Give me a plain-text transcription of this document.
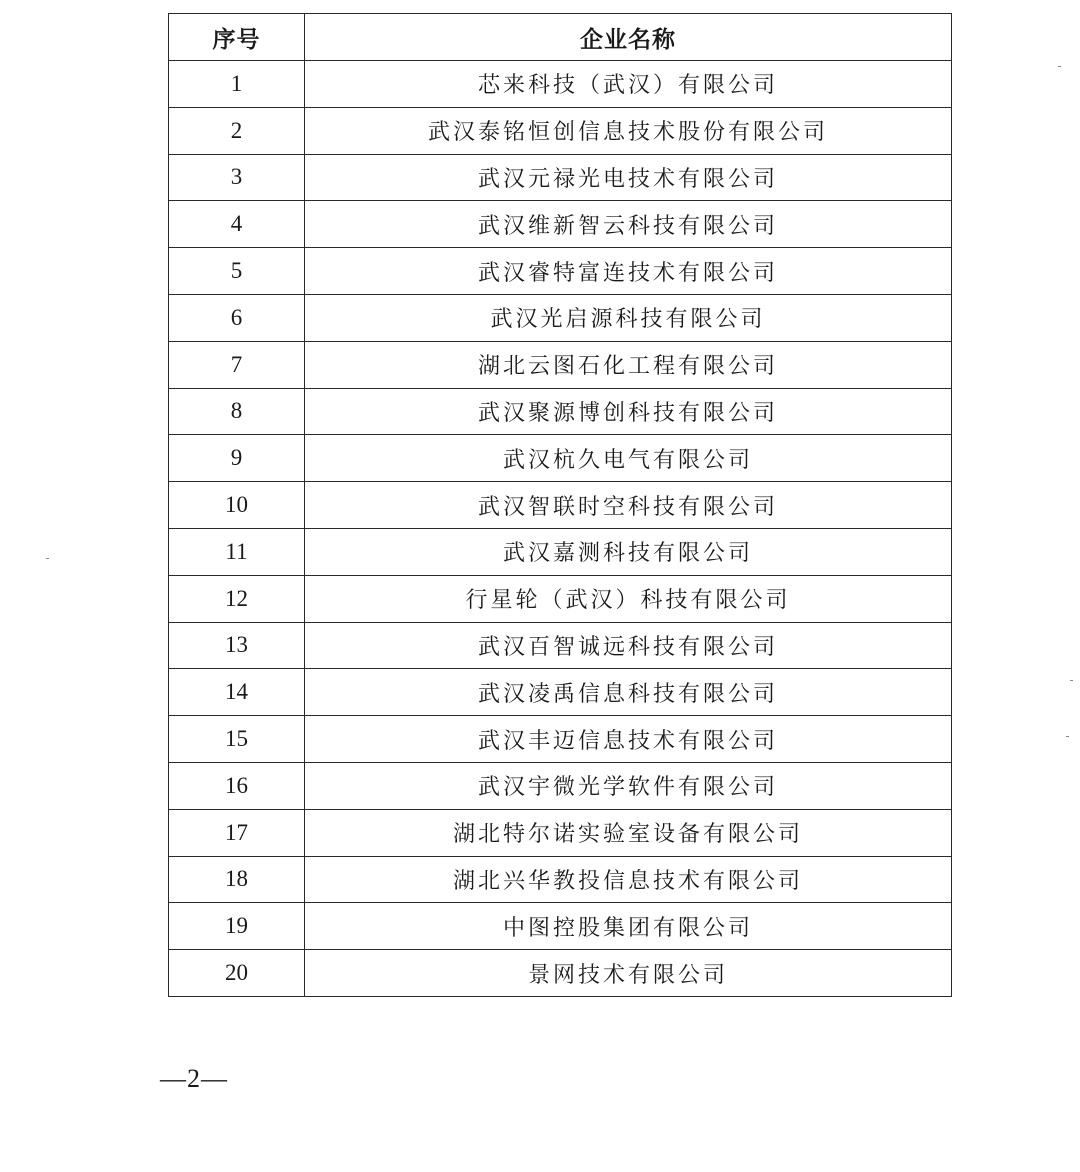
序号	企业名称
1	芯来科技（武汉）有限公司
2	武汉泰铭恒创信息技术股份有限公司
3	武汉元禄光电技术有限公司
4	武汉维新智云科技有限公司
5	武汉睿特富连技术有限公司
6	武汉光启源科技有限公司
7	湖北云图石化工程有限公司
8	武汉聚源博创科技有限公司
9	武汉杭久电气有限公司
10	武汉智联时空科技有限公司
11	武汉嘉测科技有限公司
12	行星轮（武汉）科技有限公司
13	武汉百智诚远科技有限公司
14	武汉凌禹信息科技有限公司
15	武汉丰迈信息技术有限公司
16	武汉宇微光学软件有限公司
17	湖北特尔诺实验室设备有限公司
18	湖北兴华教投信息技术有限公司
19	中图控股集团有限公司
20	景网技术有限公司
—2—
